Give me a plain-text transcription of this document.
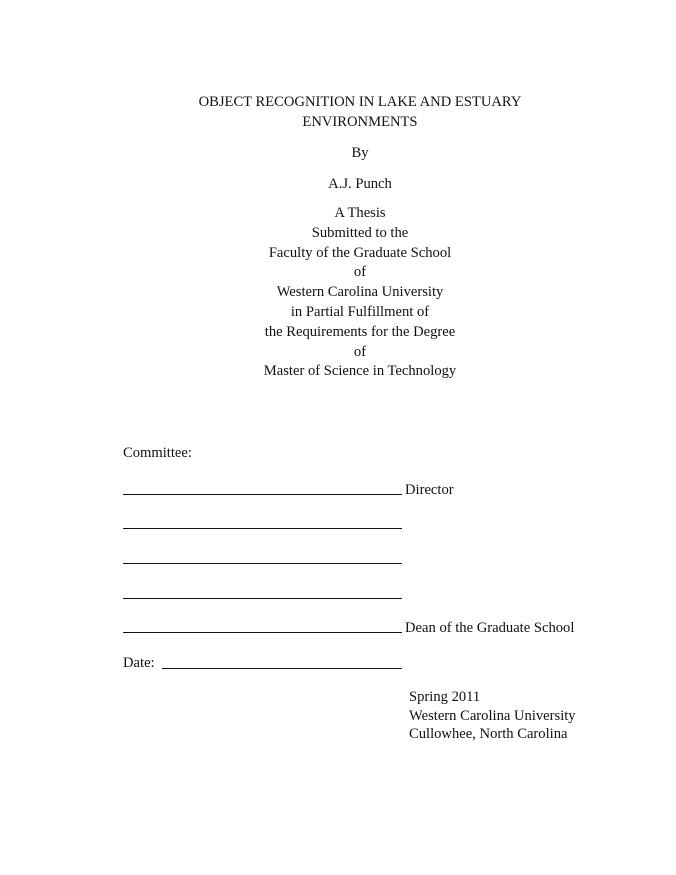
OBJECT RECOGNITION IN LAKE AND ESTUARY
ENVIRONMENTS
By
A.J. Punch
A Thesis
Submitted to the
Faculty of the Graduate School
of
Western Carolina University
in Partial Fulfillment of
the Requirements for the Degree
of
Master of Science in Technology
Committee:
Director
Dean of the Graduate School
Date:
Spring 2011
Western Carolina University
Cullowhee, North Carolina
